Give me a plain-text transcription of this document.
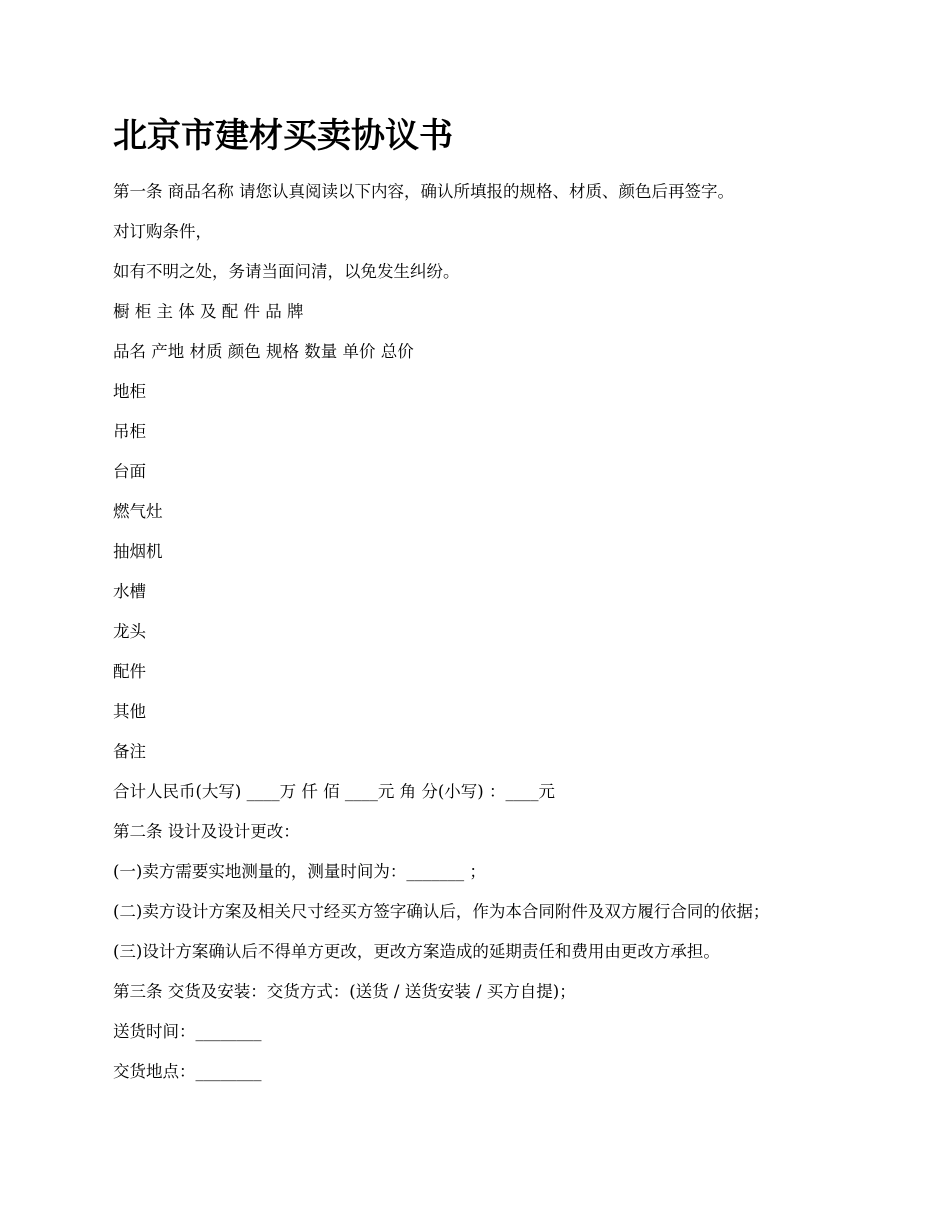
北京市建材买卖协议书
第一条 商品名称 请您认真阅读以下内容，确认所填报的规格、材质、颜色后再签字。
对订购条件，
如有不明之处，务请当面问清，以免发生纠纷。
橱 柜 主 体 及 配 件 品 牌
品名 产地 材质 颜色 规格 数量 单价 总价
地柜
吊柜
台面
燃气灶
抽烟机
水槽
龙头
配件
其他
备注
合计人民币(大写) ____万 仟 佰 ____元 角 分(小写) ：____元
第二条 设计及设计更改：
(一)卖方需要实地测量的，测量时间为：_______ ；
(二)卖方设计方案及相关尺寸经买方签字确认后，作为本合同附件及双方履行合同的依据；
(三)设计方案确认后不得单方更改，更改方案造成的延期责任和费用由更改方承担。
第三条 交货及安装：交货方式：(送货 / 送货安装 / 买方自提)；
送货时间：________
交货地点：________
